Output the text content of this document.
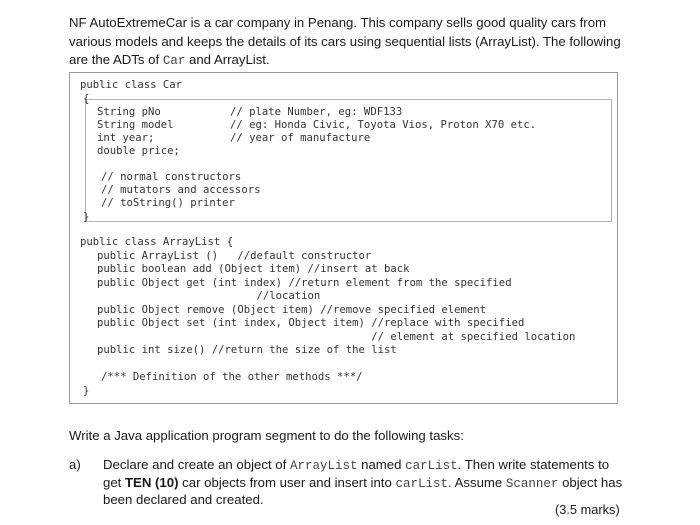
NF AutoExtremeCar is a car company in Penang. This company sells good quality cars from various models and keeps the details of its cars using sequential lists (ArrayList). The following are the ADTs of Car and ArrayList.
public class Car
{
String pNo	// plate Number, eg: WDF133
String model	// eg: Honda Civic, Toyota Vios, Proton X70 etc.
int year;	// year of manufacture
double price;
// normal constructors
// mutators and accessors
// toString() printer
}
public class ArrayList {
public ArrayList ()   //default constructor
public boolean add (Object item) //insert at back
public Object get (int index) //return element from the specified
//location
public Object remove (Object item) //remove specified element
public Object set (int index, Object item) //replace with specified
// element at specified location
public int size() //return the size of the list
/*** Definition of the other methods ***/
}
Write a Java application program segment to do the following tasks:
a) Declare and create an object of ArrayList named carList. Then write statements to get TEN (10) car objects from user and insert into carList. Assume Scanner object has been declared and created.
(3.5 marks)
